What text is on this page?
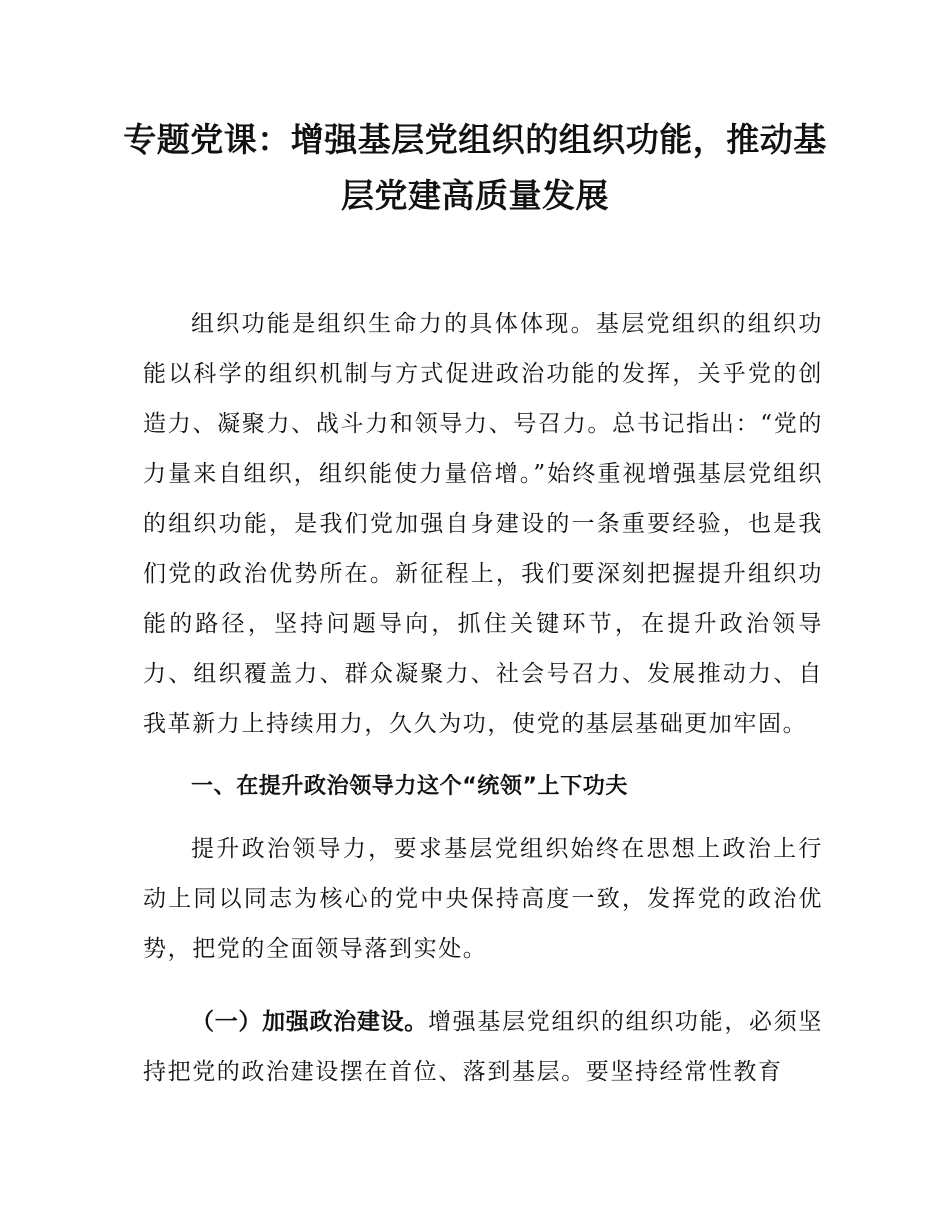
专题党课：增强基层党组织的组织功能，推动基层党建高质量发展

组织功能是组织生命力的具体体现。基层党组织的组织功能以科学的组织机制与方式促进政治功能的发挥，关乎党的创造力、凝聚力、战斗力和领导力、号召力。总书记指出：“党的力量来自组织，组织能使力量倍增。”始终重视增强基层党组织的组织功能，是我们党加强自身建设的一条重要经验，也是我们党的政治优势所在。新征程上，我们要深刻把握提升组织功能的路径，坚持问题导向，抓住关键环节，在提升政治领导力、组织覆盖力、群众凝聚力、社会号召力、发展推动力、自我革新力上持续用力，久久为功，使党的基层基础更加牢固。

一、在提升政治领导力这个“统领”上下功夫

提升政治领导力，要求基层党组织始终在思想上政治上行动上同以同志为核心的党中央保持高度一致，发挥党的政治优势，把党的全面领导落到实处。

（一）加强政治建设。增强基层党组织的组织功能，必须坚持把党的政治建设摆在首位、落到基层。要坚持经常性教育
